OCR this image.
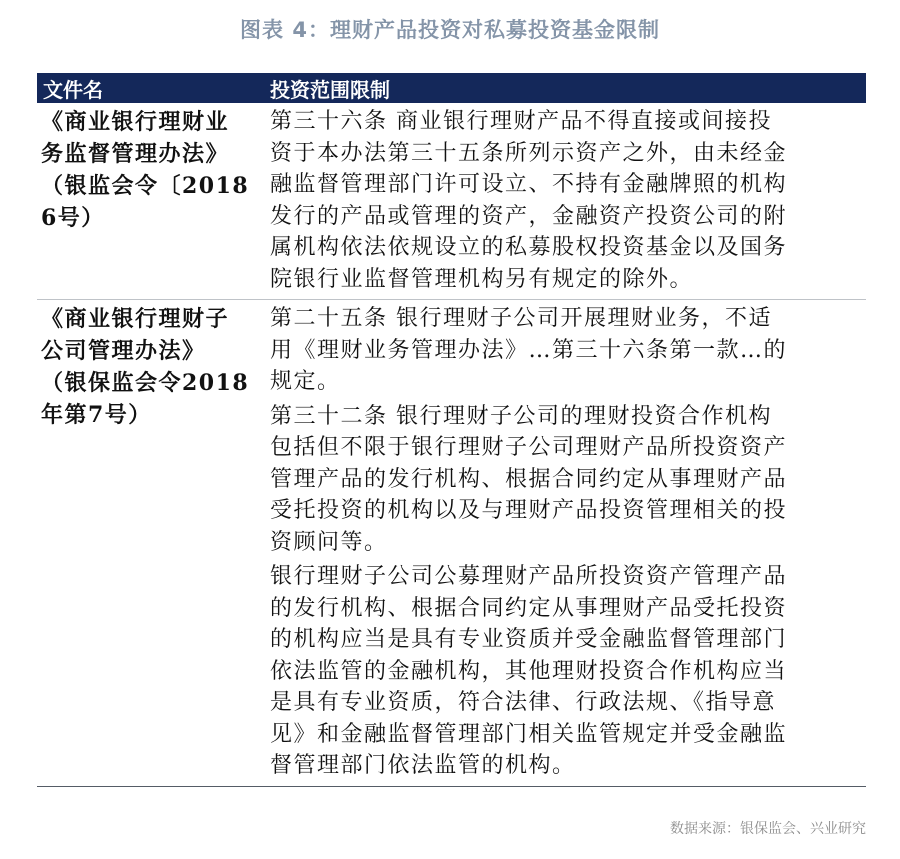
图表 4：理财产品投资对私募投资基金限制
文件名	投资范围限制
《商业银行理财业
务监督管理办法》
（银监会令〔2018
6号）
第三十六条 商业银行理财产品不得直接或间接投
资于本办法第三十五条所列示资产之外，由未经金
融监督管理部门许可设立、不持有金融牌照的机构
发行的产品或管理的资产，金融资产投资公司的附
属机构依法依规设立的私募股权投资基金以及国务
院银行业监督管理机构另有规定的除外。
《商业银行理财子
公司管理办法》
（银保监会令2018
年第7号）
第二十五条 银行理财子公司开展理财业务，不适
用《理财业务管理办法》…第三十六条第一款…的
规定。
第三十二条 银行理财子公司的理财投资合作机构
包括但不限于银行理财子公司理财产品所投资资产
管理产品的发行机构、根据合同约定从事理财产品
受托投资的机构以及与理财产品投资管理相关的投
资顾问等。
银行理财子公司公募理财产品所投资资产管理产品
的发行机构、根据合同约定从事理财产品受托投资
的机构应当是具有专业资质并受金融监督管理部门
依法监管的金融机构，其他理财投资合作机构应当
是具有专业资质，符合法律、行政法规、《指导意
见》和金融监督管理部门相关监管规定并受金融监
督管理部门依法监管的机构。
数据来源：银保监会、兴业研究
